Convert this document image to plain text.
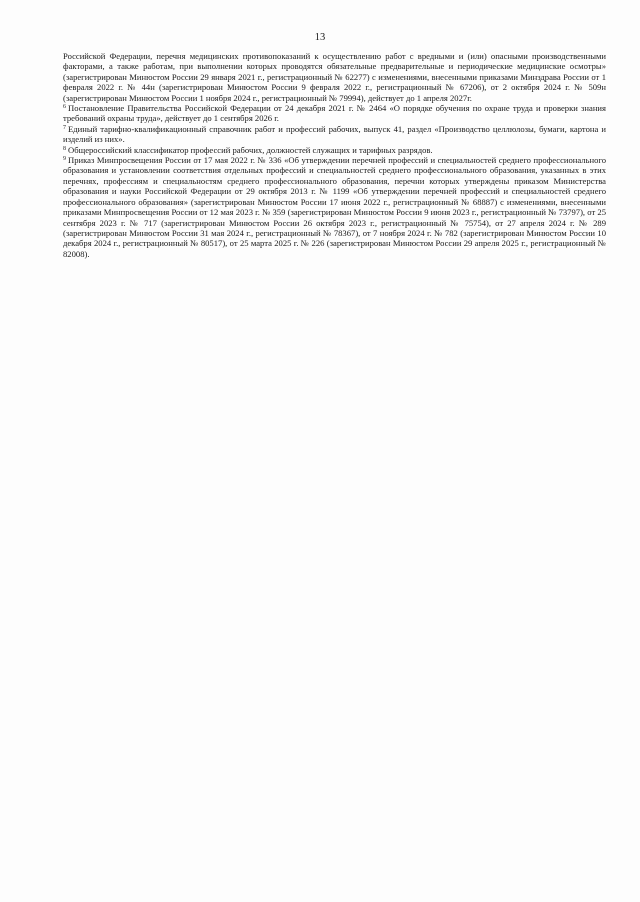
13

Российской Федерации, перечня медицинских противопоказаний к осуществлению работ с вредными и (или) опасными производственными факторами, а также работам, при выполнении которых проводятся обязательные предварительные и периодические медицинские осмотры» (зарегистрирован Минюстом России 29 января 2021 г., регистрационный № 62277) с изменениями, внесенными приказами Минздрава России от 1 февраля 2022 г. № 44н (зарегистрирован Минюстом России 9 февраля 2022 г., регистрационный № 67206), от 2 октября 2024 г. № 509н (зарегистрирован Минюстом России 1 ноября 2024 г., регистрационный № 79994), действует до 1 апреля 2027г.

$^6$ Постановление Правительства Российской Федерации от 24 декабря 2021 г. № 2464 «О порядке обучения по охране труда и проверки знания требований охраны труда», действует до 1 сентября 2026 г.

$^7$ Единый тарифно-квалификационный справочник работ и профессий рабочих, выпуск 41, раздел «Производство целлюлозы, бумаги, картона и изделий из них».

$^8$ Общероссийский классификатор профессий рабочих, должностей служащих и тарифных разрядов.

$^9$ Приказ Минпросвещения России от 17 мая 2022 г. № 336 «Об утверждении перечней профессий и специальностей среднего профессионального образования и установлении соответствия отдельных профессий и специальностей среднего профессионального образования, указанных в этих перечнях, профессиям и специальностям среднего профессионального образования, перечни которых утверждены приказом Министерства образования и науки Российской Федерации от 29 октября 2013 г. № 1199 «Об утверждении перечней профессий и специальностей среднего профессионального образования» (зарегистрирован Минюстом России 17 июня 2022 г., регистрационный № 68887) с изменениями, внесенными приказами Минпросвещения России от 12 мая 2023 г. № 359 (зарегистрирован Минюстом России 9 июня 2023 г., регистрационный № 73797), от 25 сентября 2023 г. № 717 (зарегистрирован Минюстом России 26 октября 2023 г., регистрационный № 75754), от 27 апреля 2024 г. № 289 (зарегистрирован Минюстом России 31 мая 2024 г., регистрационный № 78367), от 7 ноября 2024 г. № 782 (зарегистрирован Минюстом России 10 декабря 2024 г., регистрационный № 80517), от 25 марта 2025 г. № 226 (зарегистрирован Минюстом России 29 апреля 2025 г., регистрационный № 82008).
